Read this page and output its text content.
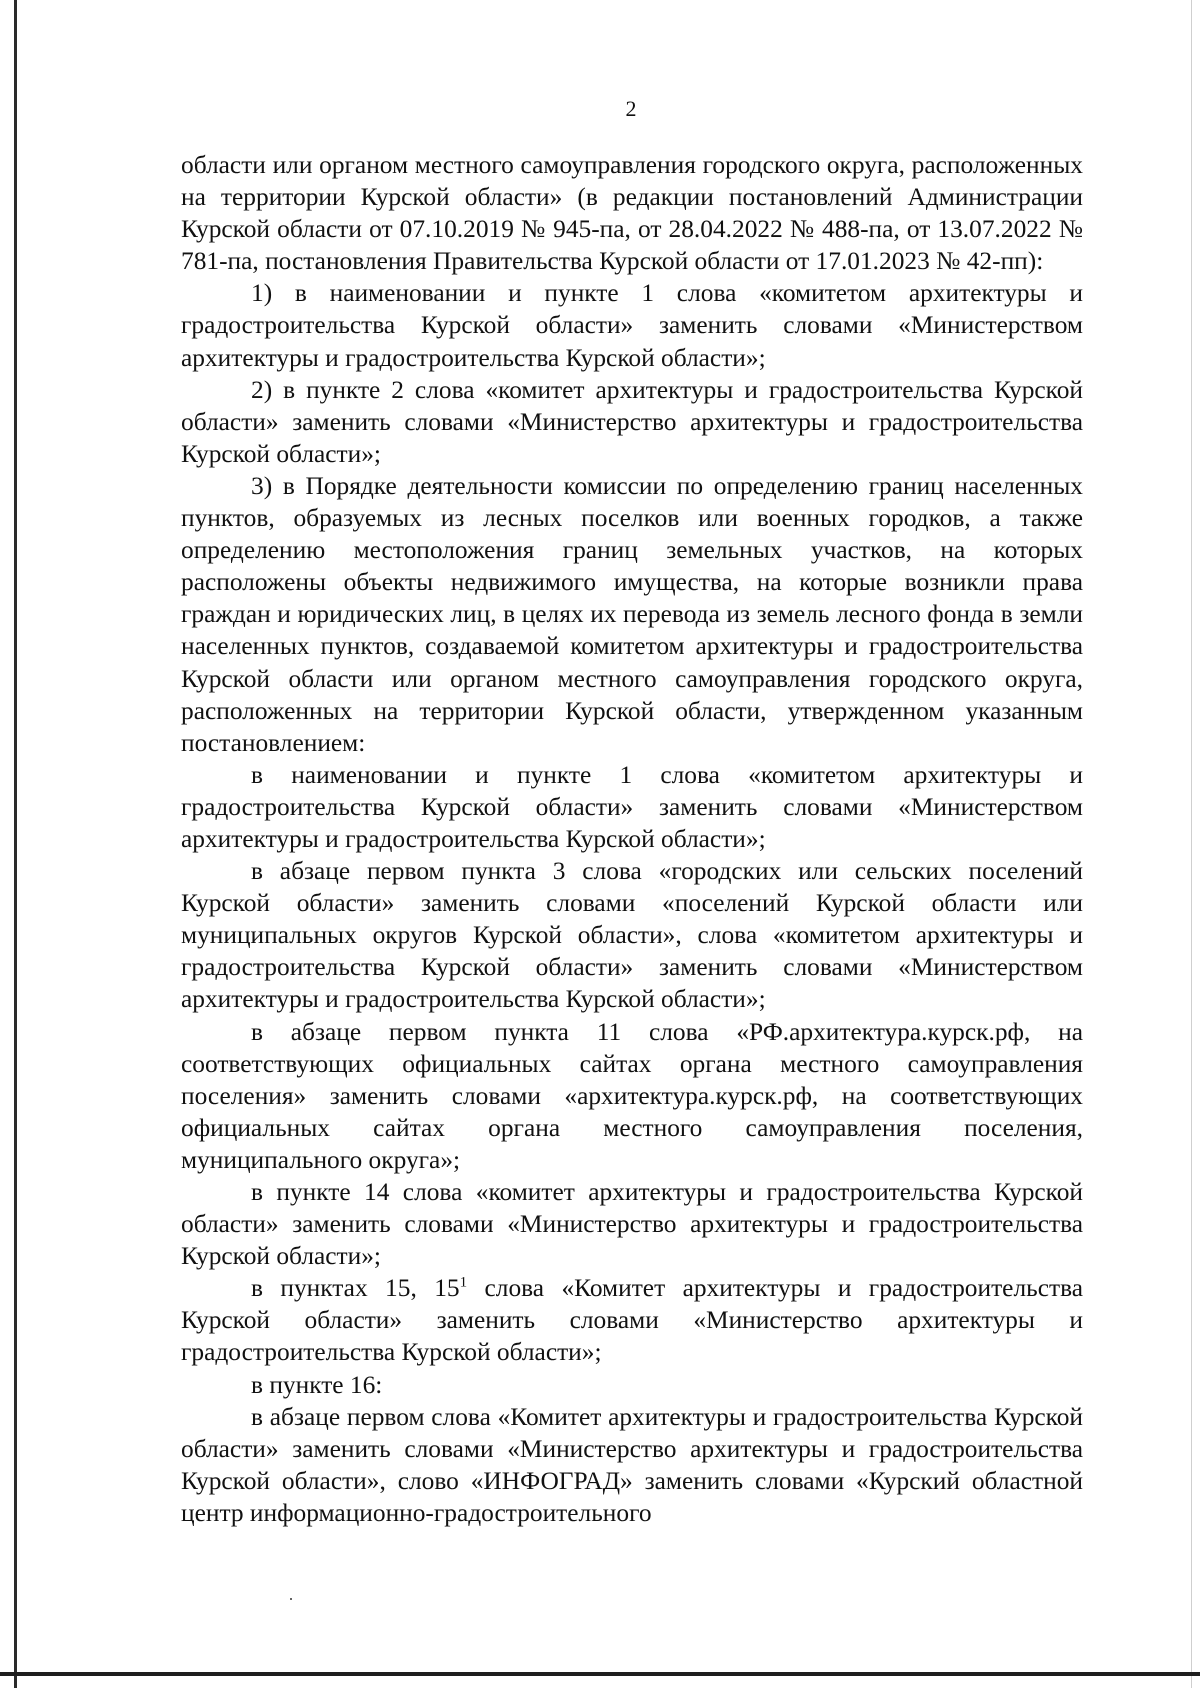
2

области или органом местного самоуправления городского округа, расположенных на территории Курской области» (в редакции постановлений Администрации Курской области от 07.10.2019 № 945-па, от 28.04.2022 № 488-па, от 13.07.2022 № 781-па, постановления Правительства Курской области от 17.01.2023 № 42-пп):

1) в наименовании и пункте 1 слова «комитетом архитектуры и градостроительства Курской области» заменить словами «Министерством архитектуры и градостроительства Курской области»;

2) в пункте 2 слова «комитет архитектуры и градостроительства Курской области» заменить словами «Министерство архитектуры и градостроительства Курской области»;

3) в Порядке деятельности комиссии по определению границ населенных пунктов, образуемых из лесных поселков или военных городков, а также определению местоположения границ земельных участков, на которых расположены объекты недвижимого имущества, на которые возникли права граждан и юридических лиц, в целях их перевода из земель лесного фонда в земли населенных пунктов, создаваемой комитетом архитектуры и градостроительства Курской области или органом местного самоуправления городского округа, расположенных на территории Курской области, утвержденном указанным постановлением:

в наименовании и пункте 1 слова «комитетом архитектуры и градостроительства Курской области» заменить словами «Министерством архитектуры и градостроительства Курской области»;

в абзаце первом пункта 3 слова «городских или сельских поселений Курской области» заменить словами «поселений Курской области или муниципальных округов Курской области», слова «комитетом архитектуры и градостроительства Курской области» заменить словами «Министерством архитектуры и градостроительства Курской области»;

в абзаце первом пункта 11 слова «РФ.архитектура.курск.рф, на соответствующих официальных сайтах органа местного самоуправления поселения» заменить словами «архитектура.курск.рф, на соответствующих официальных сайтах органа местного самоуправления поселения, муниципального округа»;

в пункте 14 слова «комитет архитектуры и градостроительства Курской области» заменить словами «Министерство архитектуры и градостроительства Курской области»;

в пунктах 15, $15^1$ слова «Комитет архитектуры и градостроительства Курской области» заменить словами «Министерство архитектуры и градостроительства Курской области»;

в пункте 16:

в абзаце первом слова «Комитет архитектуры и градостроительства Курской области» заменить словами «Министерство архитектуры и градостроительства Курской области», слово «ИНФОГРАД» заменить словами «Курский областной центр информационно-градостроительного
